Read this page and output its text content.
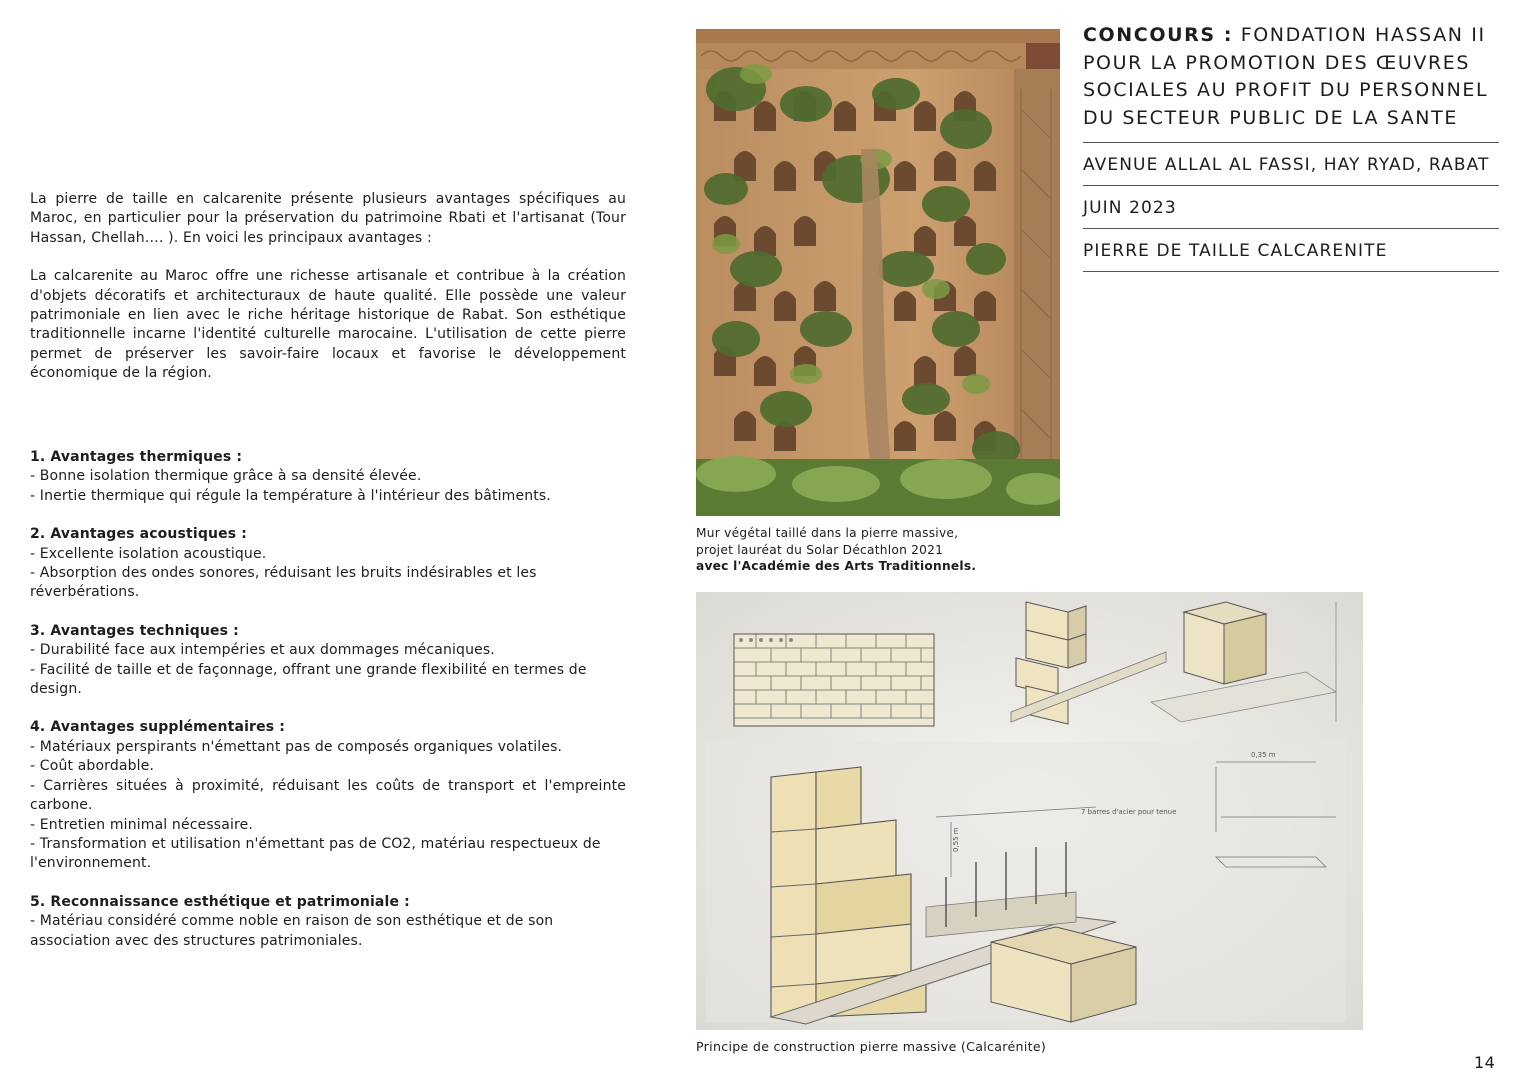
La pierre de taille en calcarenite présente plusieurs avantages spécifiques au Maroc, en particulier pour la préservation du patrimoine Rbati et l'artisanat (Tour Hassan, Chellah…. ). En voici les principaux avantages :

La calcarenite au Maroc offre une richesse artisanale et contribue à la création d'objets décoratifs et architecturaux de haute qualité. Elle possède une valeur patrimoniale en lien avec le riche héritage historique de Rabat. Son esthétique traditionnelle incarne l'identité culturelle marocaine. L'utilisation de cette pierre permet de préserver les savoir-faire locaux et favorise le développement économique de la région.

1. Avantages thermiques :
- Bonne isolation thermique grâce à sa densité élevée.
- Inertie thermique qui régule la température à l'intérieur des bâtiments.
2. Avantages acoustiques :
- Excellente isolation acoustique.
- Absorption des ondes sonores, réduisant les bruits indésirables et les réverbérations.
3. Avantages techniques :
- Durabilité face aux intempéries et aux dommages mécaniques.
- Facilité de taille et de façonnage, offrant une grande flexibilité en termes de design.
4. Avantages supplémentaires :
- Matériaux perspirants n'émettant pas de composés organiques volatiles.
- Coût abordable.
- Carrières situées à proximité, réduisant les coûts de transport et l'empreinte carbone.
- Entretien minimal nécessaire.
- Transformation et utilisation n'émettant pas de CO2, matériau respectueux de l'environnement.
5. Reconnaissance esthétique et patrimoniale :
- Matériau considéré comme noble en raison de son esthétique et de son association avec des structures patrimoniales.
Mur végétal taillé dans la pierre massive,
projet lauréat du Solar Décathlon 2021
avec l'Académie des Arts Traditionnels.
7 barres d'acier pour tenue
0,35 m
0,55 m
Principe de construction pierre massive (Calcarénite)
CONCOURS : FONDATION HASSAN II POUR LA PROMOTION DES ŒUVRES SOCIALES AU PROFIT DU PERSONNEL DU SECTEUR PUBLIC DE LA SANTE
AVENUE ALLAL AL FASSI, HAY RYAD, RABAT
JUIN 2023
PIERRE DE TAILLE CALCARENITE
14
